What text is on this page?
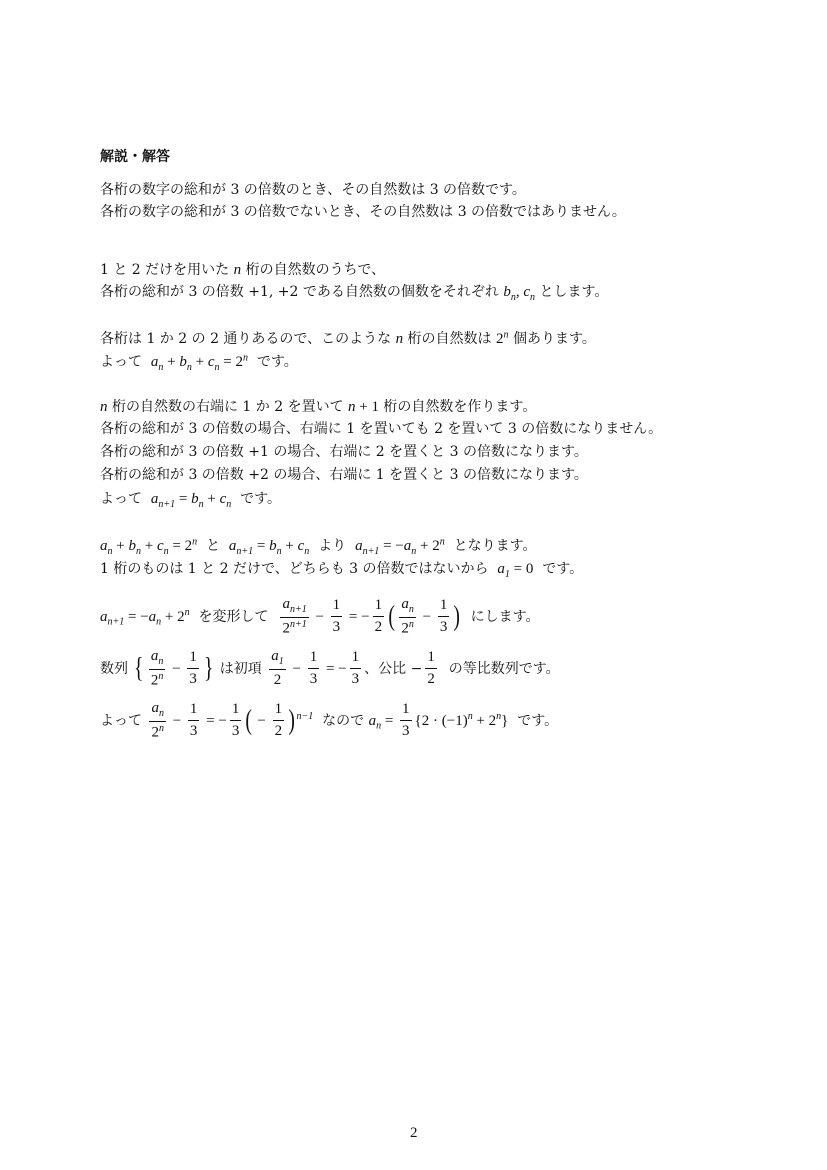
解説・解答
各桁の数字の総和が 3 の倍数のとき、その自然数は 3 の倍数です。
各桁の数字の総和が 3 の倍数でないとき、その自然数は 3 の倍数ではありません。
1 と 2 だけを用いた n 桁の自然数のうちで、
各桁の総和が 3 の倍数 +1, +2 である自然数の個数をそれぞれ $b_n$, $c_n$ とします。
各桁は 1 か 2 の 2 通りあるので、このような n 桁の自然数は 2$^n$ 個あります。
よって  $a_n + b_n + c_n = 2^n$  です。
n 桁の自然数の右端に 1 か 2 を置いて n + 1 桁の自然数を作ります。
各桁の総和が 3 の倍数の場合、右端に 1 を置いても 2 を置いて 3 の倍数になりません。
各桁の総和が 3 の倍数 +1 の場合、右端に 2 を置くと 3 の倍数になります。
各桁の総和が 3 の倍数 +2 の場合、右端に 1 を置くと 3 の倍数になります。
よって  $a_{n+1} = b_n + c_n$  です。
$a_n + b_n + c_n = 2^n$  と  $a_{n+1} = b_n + c_n$  より  $a_{n+1} = -a_n + 2^n$  となります。
1 桁のものは 1 と 2 だけで、どちらも 3 の倍数ではないから  $a_1 = 0$  です。
$a_{n+1} = -a_n + 2^n$  を変形して $\frac{a_{n+1}}{2^{n+1}} - \frac{1}{3}$ = − $\frac{1}{2}$ ( $\frac{a_n}{2^n} - \frac{1}{3}$ )  にします。
数列 { $\frac{a_n}{2^n} - \frac{1}{3}$ } は初項 $\frac{a_1}{2} - \frac{1}{3}$ = − $\frac{1}{3}$ 、公比 − $\frac{1}{2}$ の等比数列です。
よって $\frac{a_n}{2^n} - \frac{1}{3}$ = − $\frac{1}{3}$ ( − $\frac{1}{2} )^{n-1}$  なので $a_n = \frac{1}{3} \{2 \cdot (-1)^n + 2^n\}$  です。
2
